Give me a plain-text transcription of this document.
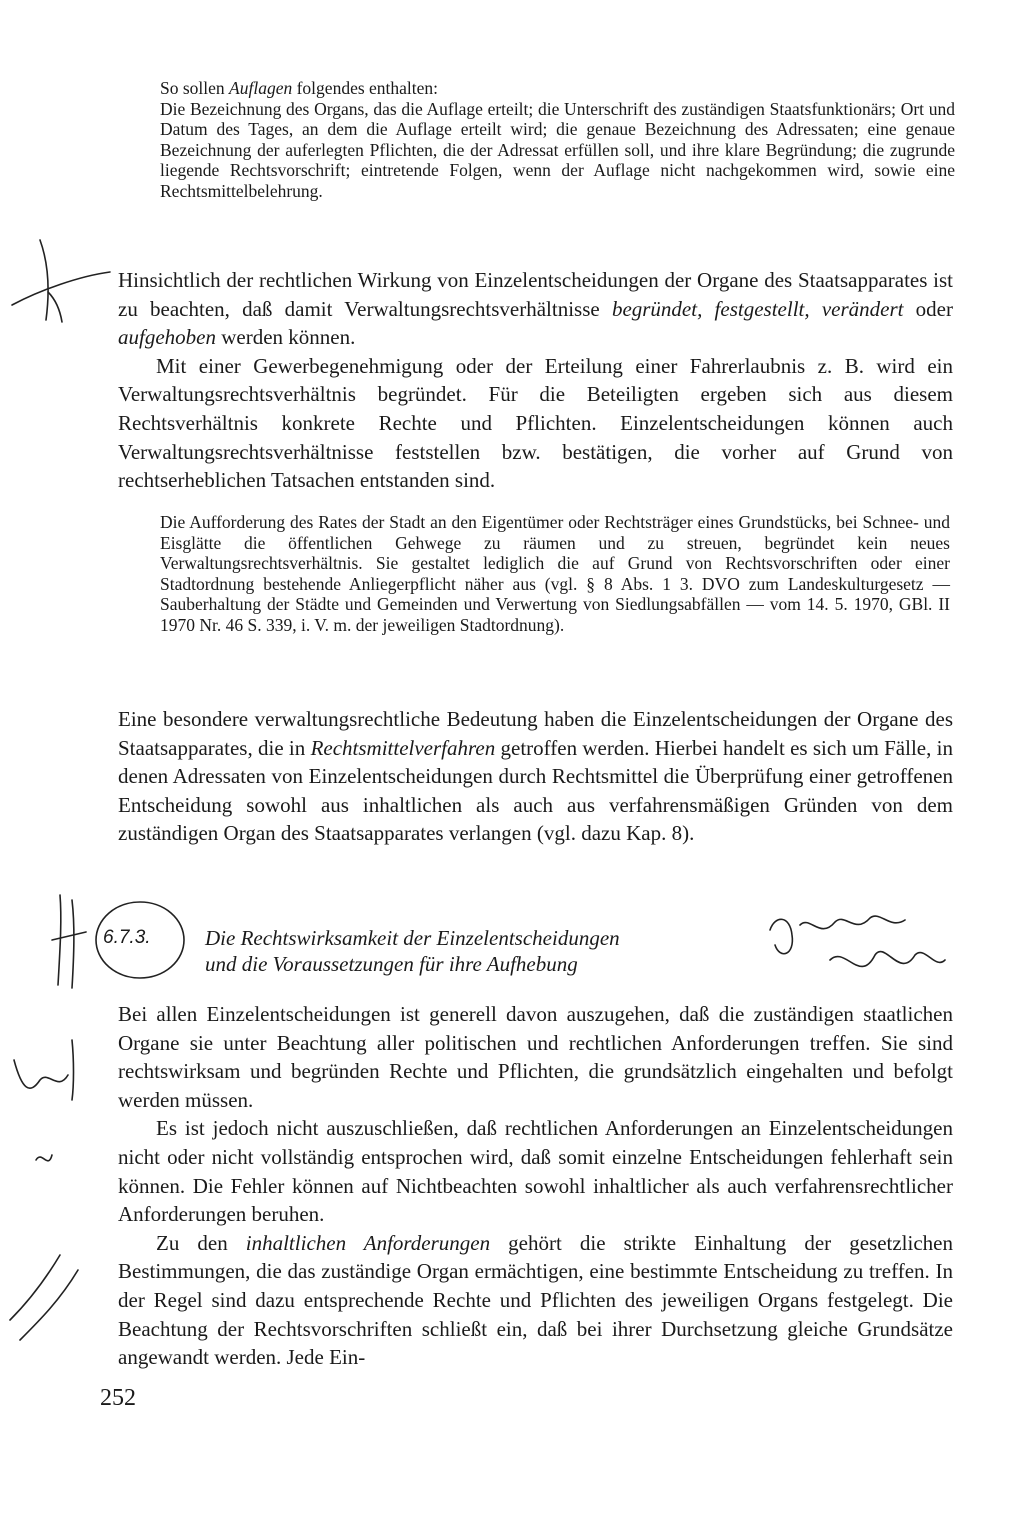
So sollen Auflagen folgendes enthalten:

Die Bezeichnung des Organs, das die Auflage erteilt; die Unterschrift des zuständigen Staatsfunktionärs; Ort und Datum des Tages, an dem die Auflage erteilt wird; die genaue Bezeichnung des Adressaten; eine genaue Bezeichnung der auferlegten Pflichten, die der Adressat erfüllen soll, und ihre klare Begründung; die zugrunde liegende Rechtsvorschrift; eintretende Folgen, wenn der Auflage nicht nachgekommen wird, sowie eine Rechtsmittelbelehrung.

Hinsichtlich der rechtlichen Wirkung von Einzelentscheidungen der Organe des Staatsapparates ist zu beachten, daß damit Verwaltungsrechtsverhältnisse begründet, festgestellt, verändert oder aufgehoben werden können.

Mit einer Gewerbegenehmigung oder der Erteilung einer Fahrerlaubnis z. B. wird ein Verwaltungsrechtsverhältnis begründet. Für die Beteiligten ergeben sich aus diesem Rechtsverhältnis konkrete Rechte und Pflichten. Einzelentscheidungen können auch Verwaltungsrechtsverhältnisse feststellen bzw. bestätigen, die vorher auf Grund von rechtserheblichen Tatsachen entstanden sind.

Die Aufforderung des Rates der Stadt an den Eigentümer oder Rechtsträger eines Grundstücks, bei Schnee- und Eisglätte die öffentlichen Gehwege zu räumen und zu streuen, begründet kein neues Verwaltungsrechtsverhältnis. Sie gestaltet lediglich die auf Grund von Rechtsvorschriften oder einer Stadtordnung bestehende Anliegerpflicht näher aus (vgl. § 8 Abs. 1 3. DVO zum Landeskulturgesetz — Sauberhaltung der Städte und Gemeinden und Verwertung von Siedlungsabfällen — vom 14. 5. 1970, GBl. II 1970 Nr. 46 S. 339, i. V. m. der jeweiligen Stadtordnung).

Eine besondere verwaltungsrechtliche Bedeutung haben die Einzelentscheidungen der Organe des Staatsapparates, die in Rechtsmittelverfahren getroffen werden. Hierbei handelt es sich um Fälle, in denen Adressaten von Einzelentscheidungen durch Rechtsmittel die Überprüfung einer getroffenen Entscheidung sowohl aus inhaltlichen als auch aus verfahrensmäßigen Gründen von dem zuständigen Organ des Staatsapparates verlangen (vgl. dazu Kap. 8).

6.7.3.	Die Rechtswirksamkeit der Einzelentscheidungen
und die Voraussetzungen für ihre Aufhebung

Bei allen Einzelentscheidungen ist generell davon auszugehen, daß die zuständigen staatlichen Organe sie unter Beachtung aller politischen und rechtlichen Anforderungen treffen. Sie sind rechtswirksam und begründen Rechte und Pflichten, die grundsätzlich eingehalten und befolgt werden müssen.

Es ist jedoch nicht auszuschließen, daß rechtlichen Anforderungen an Einzelentscheidungen nicht oder nicht vollständig entsprochen wird, daß somit einzelne Entscheidungen fehlerhaft sein können. Die Fehler können auf Nichtbeachten sowohl inhaltlicher als auch verfahrensrechtlicher Anforderungen beruhen.

Zu den inhaltlichen Anforderungen gehört die strikte Einhaltung der gesetzlichen Bestimmungen, die das zuständige Organ ermächtigen, eine bestimmte Entscheidung zu treffen. In der Regel sind dazu entsprechende Rechte und Pflichten des jeweiligen Organs festgelegt. Die Beachtung der Rechtsvorschriften schließt ein, daß bei ihrer Durchsetzung gleiche Grundsätze angewandt werden. Jede Ein-

252
